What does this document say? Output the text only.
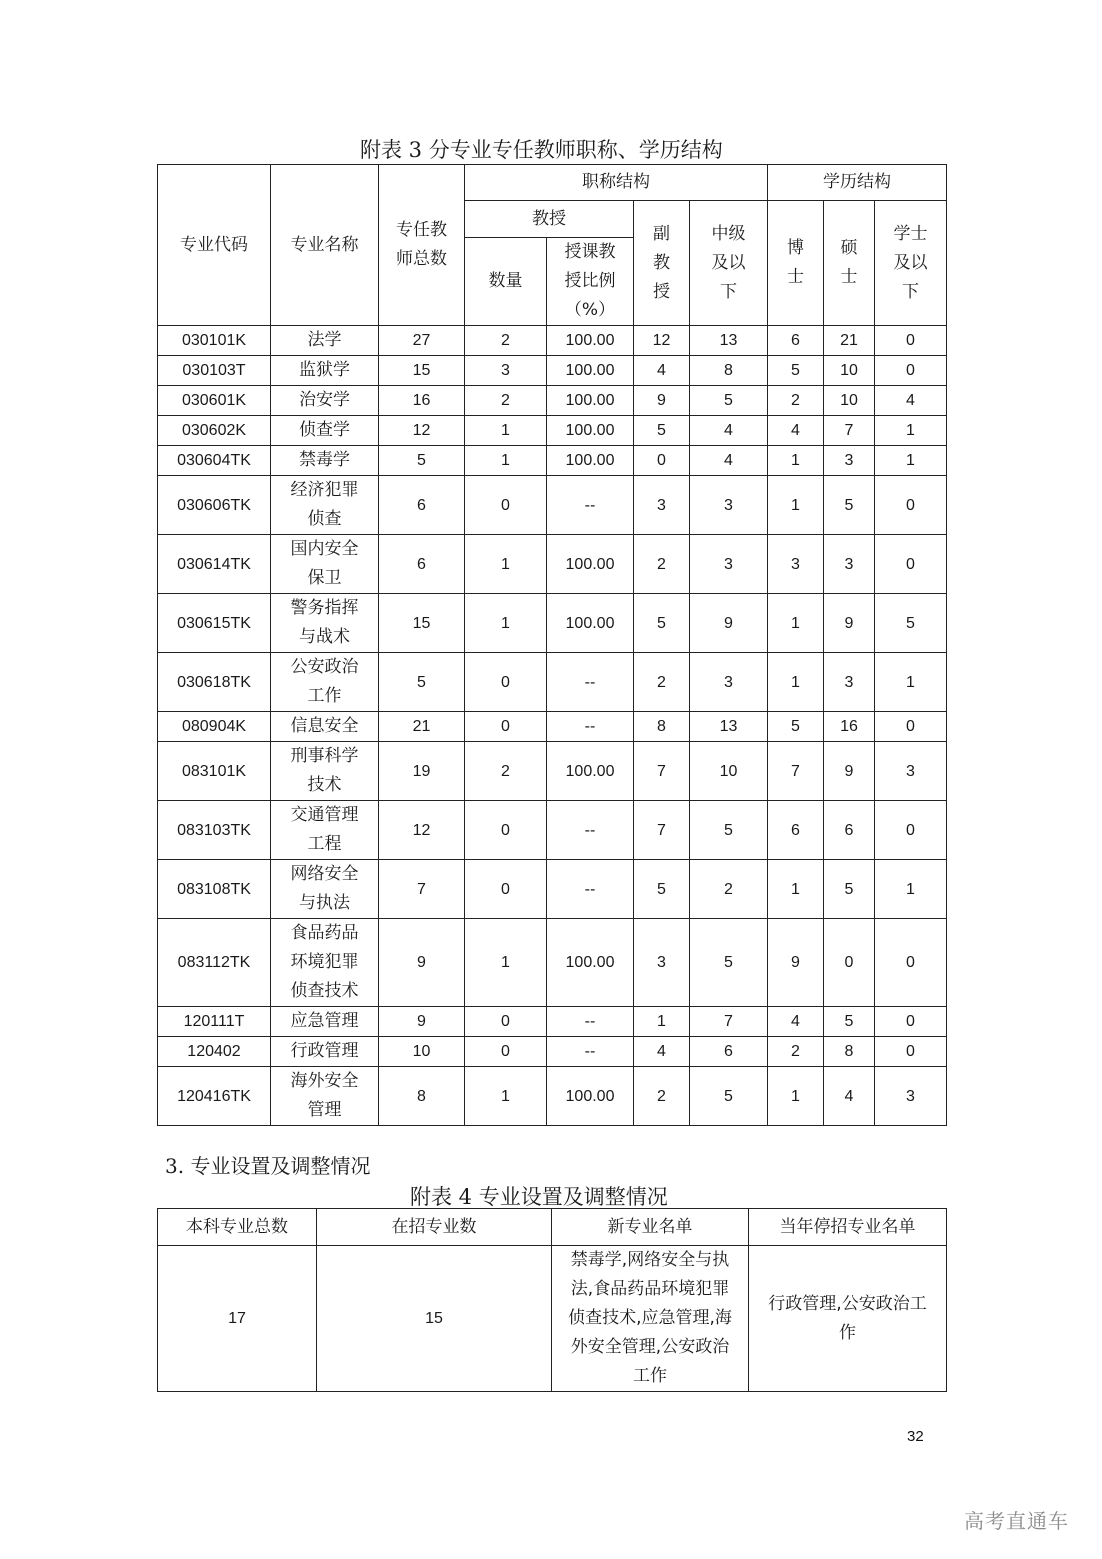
附表 3 分专业专任教师职称、学历结构
专业代码	专业名称	专任教师总数	职称结构				学历结构		
			教授		副教授	中级及以下	博士	硕士	学士及以下
			数量	授课教授比例（%）					
030101K	法学	27	2	100.00	12	13	6	21	0
030103T	监狱学	15	3	100.00	4	8	5	10	0
030601K	治安学	16	2	100.00	9	5	2	10	4
030602K	侦查学	12	1	100.00	5	4	4	7	1
030604TK	禁毒学	5	1	100.00	0	4	1	3	1
030606TK	经济犯罪侦查	6	0	--	3	3	1	5	0
030614TK	国内安全保卫	6	1	100.00	2	3	3	3	0
030615TK	警务指挥与战术	15	1	100.00	5	9	1	9	5
030618TK	公安政治工作	5	0	--	2	3	1	3	1
080904K	信息安全	21	0	--	8	13	5	16	0
083101K	刑事科学技术	19	2	100.00	7	10	7	9	3
083103TK	交通管理工程	12	0	--	7	5	6	6	0
083108TK	网络安全与执法	7	0	--	5	2	1	5	1
083112TK	食品药品环境犯罪侦查技术	9	1	100.00	3	5	9	0	0
120111T	应急管理	9	0	--	1	7	4	5	0
120402	行政管理	10	0	--	4	6	2	8	0
120416TK	海外安全管理	8	1	100.00	2	5	1	4	3
3. 专业设置及调整情况
附表 4 专业设置及调整情况
本科专业总数	在招专业数	新专业名单	当年停招专业名单
17	15	禁毒学,网络安全与执法,食品药品环境犯罪侦查技术,应急管理,海外安全管理,公安政治工作	行政管理,公安政治工作
32
高考直通车
